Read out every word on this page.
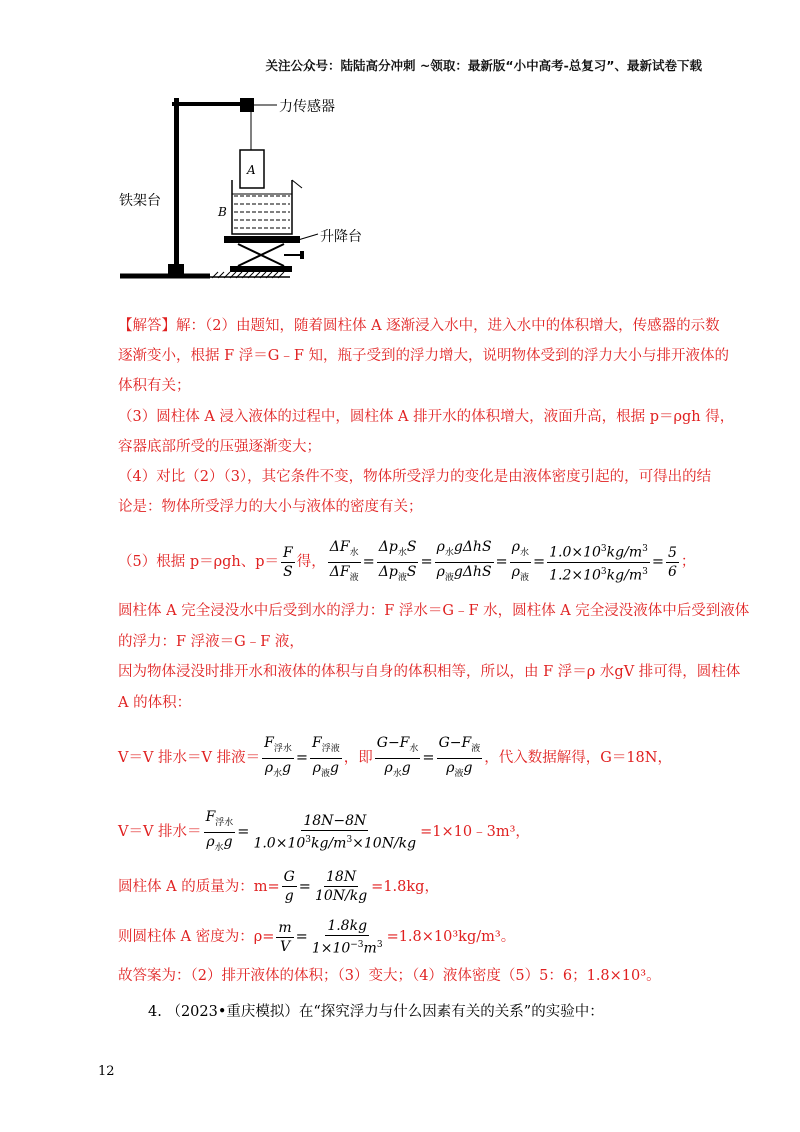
关注公众号：陆陆高分冲刺 ~领取：最新版“小中高考-总复习”、最新试卷下载
A
B
力传感器
铁架台
升降台
【解答】解：（2）由题知，随着圆柱体 A 逐渐浸入水中，进入水中的体积增大，传感器的示数
逐渐变小，根据 F 浮＝G﹣F 知，瓶子受到的浮力增大，说明物体受到的浮力大小与排开液体的
体积有关；
（3）圆柱体 A 浸入液体的过程中，圆柱体 A 排开水的体积增大，液面升高，根据 p＝ρgh 得，
容器底部所受的压强逐渐变大；
（4）对比（2）（3），其它条件不变，物体所受浮力的变化是由液体密度引起的，可得出的结
论是：物体所受浮力的大小与液体的密度有关；
（5）根据 p＝ρgh、$p= \frac{F}{S}$ 得， $\frac{\Delta F_水}{\Delta F_液} = \frac{\Delta p_水S}{\Delta p_液S} = \frac{\rho_水g\Delta hS}{\rho_液g\Delta hS} = \frac{\rho_水}{\rho_液} = \frac{1.0\times 10^3kg/m^3}{1.2\times 10^3kg/m^3} = \frac{5}{6}$ ；
圆柱体 A 完全浸没水中后受到水的浮力：F 浮水＝G﹣F 水，圆柱体 A 完全浸没液体中后受到液体
的浮力：F 浮液＝G﹣F 液，
因为物体浸没时排开水和液体的体积与自身的体积相等，所以，由 F 浮＝ρ 水gV 排可得，圆柱体
A 的体积：
V＝V 排水＝V 排液＝ $\frac{F_{浮水}}{\rho_水g} = \frac{F_{浮液}}{\rho_液g}$ ，即 $\frac{G-F_水}{\rho_水g} = \frac{G-F_液}{\rho_液g}$ ，代入数据解得，G＝18N，
V＝V 排水＝ $\frac{F_{浮水}}{\rho_水g} = \frac{18N-8N}{1.0\times 10^3kg/m^3\times 10N/kg}$ =1×10﹣3m³，
圆柱体 A 的质量为：$m= \frac{G}{g} = \frac{18N}{10N/kg} =1.8kg$，
则圆柱体 A 密度为：$\rho= \frac{m}{V} = \frac{1.8kg}{1\times 10^{-3}m^3} =1.8\times 10^3kg/m^3$。
故答案为：（2）排开液体的体积；（3）变大；（4）液体密度（5）5：6；1.8×10³。
4. （2023•重庆模拟）在“探究浮力与什么因素有关的关系”的实验中：
12
